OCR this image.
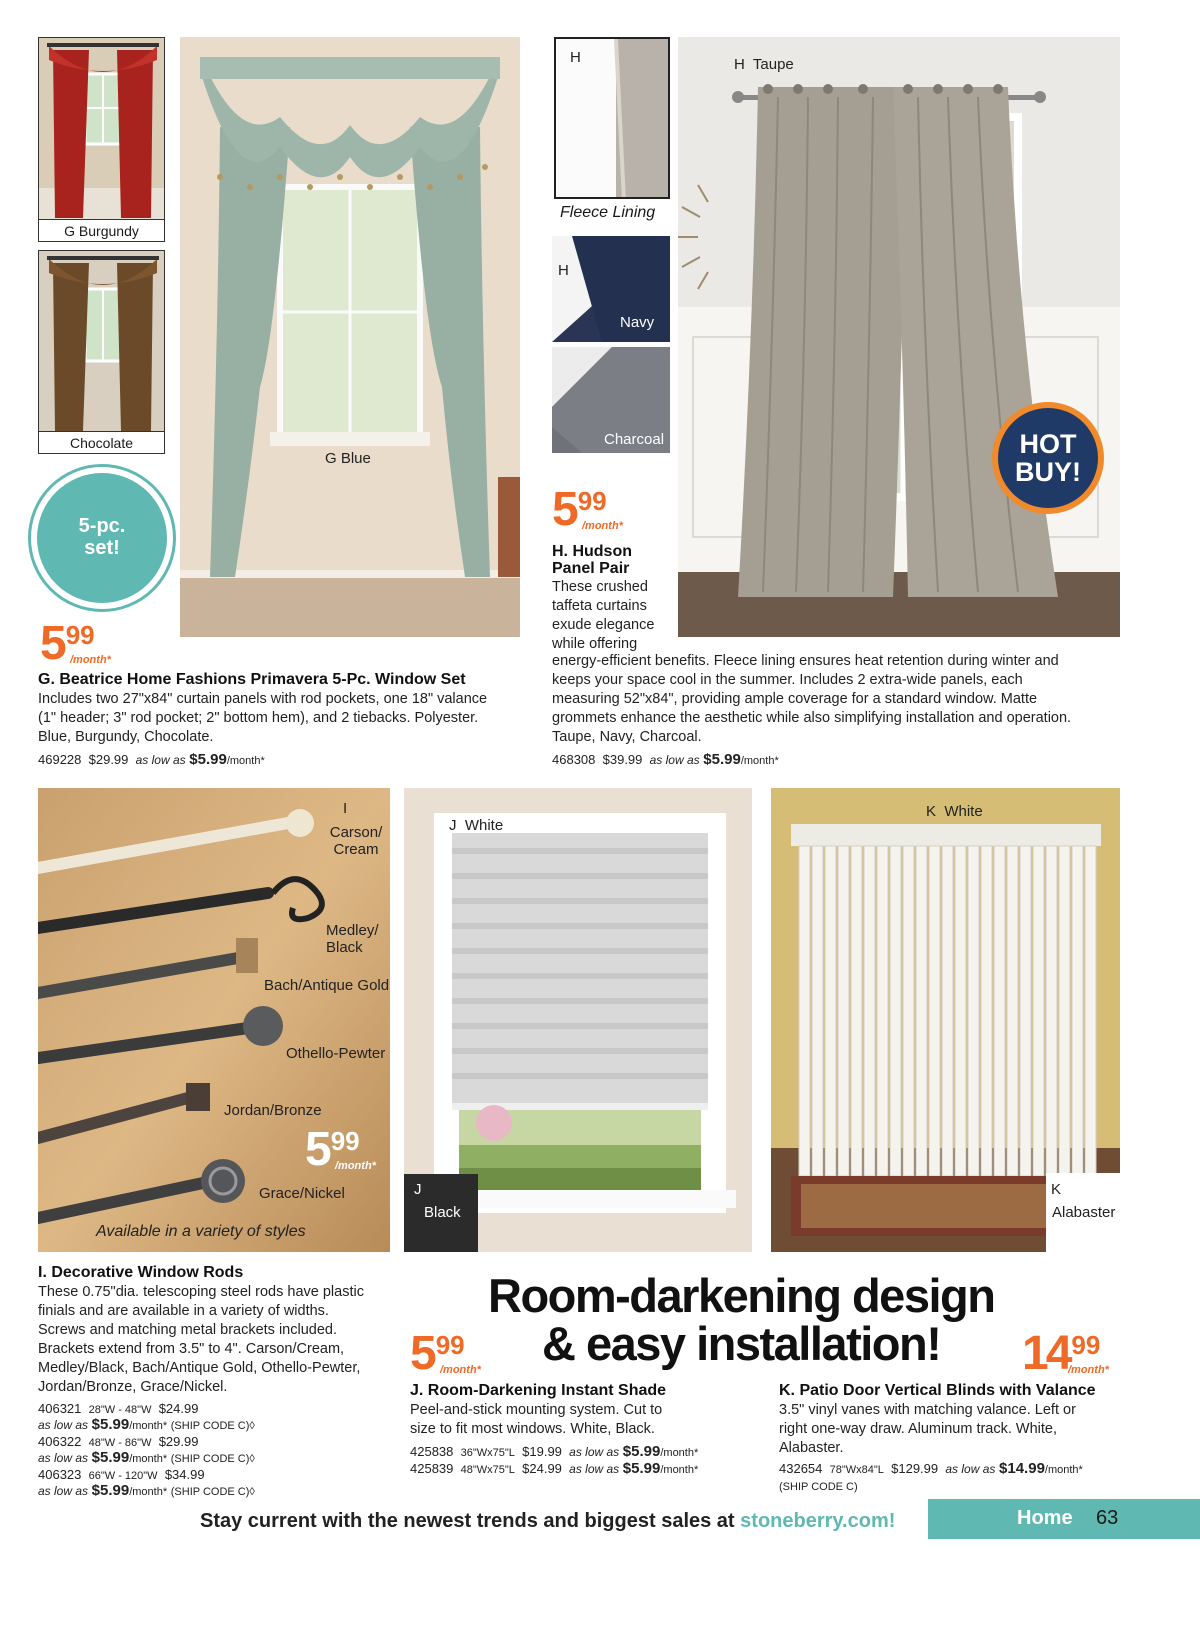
G Burgundy
Chocolate
G Blue
5-pc. set!
599
/month*
G. Beatrice Home Fashions Primavera 5-Pc. Window Set
Includes two 27"x84" curtain panels with rod pockets, one 18" valance (1" header; 3" rod pocket; 2" bottom hem), and 2 tiebacks. Polyester. Blue, Burgundy, Chocolate.
469228 $29.99 as low as $5.99/month*
H
Fleece Lining
H
Navy
Charcoal
H  Taupe
HOT
BUY!
599
/month*
H. Hudson
Panel Pair
These crushed taffeta curtains exude elegance while offering
energy-efficient benefits. Fleece lining ensures heat retention during winter and keeps your space cool in the summer. Includes 2 extra-wide panels, each measuring 52"x84", providing ample coverage for a standard window. Matte grommets enhance the aesthetic while also simplifying installation and operation. Taupe, Navy, Charcoal.
468308 $39.99 as low as $5.99/month*
I
Carson/ Cream
Medley/ Black
Bach/Antique Gold
Othello-Pewter
Jordan/Bronze
Grace/Nickel
Available in a variety of styles
599
/month*
I. Decorative Window Rods
These 0.75"dia. telescoping steel rods have plastic finials and are available in a variety of widths. Screws and matching metal brackets included. Brackets extend from 3.5" to 4". Carson/Cream, Medley/Black, Bach/Antique Gold, Othello-Pewter, Jordan/Bronze, Grace/Nickel.
406321 28"W - 48"W $24.99
as low as $5.99/month* (SHIP CODE C)◊
406322 48"W - 86"W $29.99
as low as $5.99/month* (SHIP CODE C)◊
406323 66"W - 120"W $34.99
as low as $5.99/month* (SHIP CODE C)◊
J  White
J
Black
K  White
K
Alabaster
Room-darkening design
& easy installation!
599
/month*	1499
/month*
J. Room-Darkening Instant Shade
Peel-and-stick mounting system. Cut to size to fit most windows. White, Black.
425838 36"Wx75"L $19.99 as low as $5.99/month*
425839 48"Wx75"L $24.99 as low as $5.99/month*
K. Patio Door Vertical Blinds with Valance
3.5" vinyl vanes with matching valance. Left or right one-way draw. Aluminum track. White, Alabaster.
432654 78"Wx84"L $129.99 as low as $14.99/month*
(SHIP CODE C)
Stay current with the newest trends and biggest sales at stoneberry.com!	Home 63
